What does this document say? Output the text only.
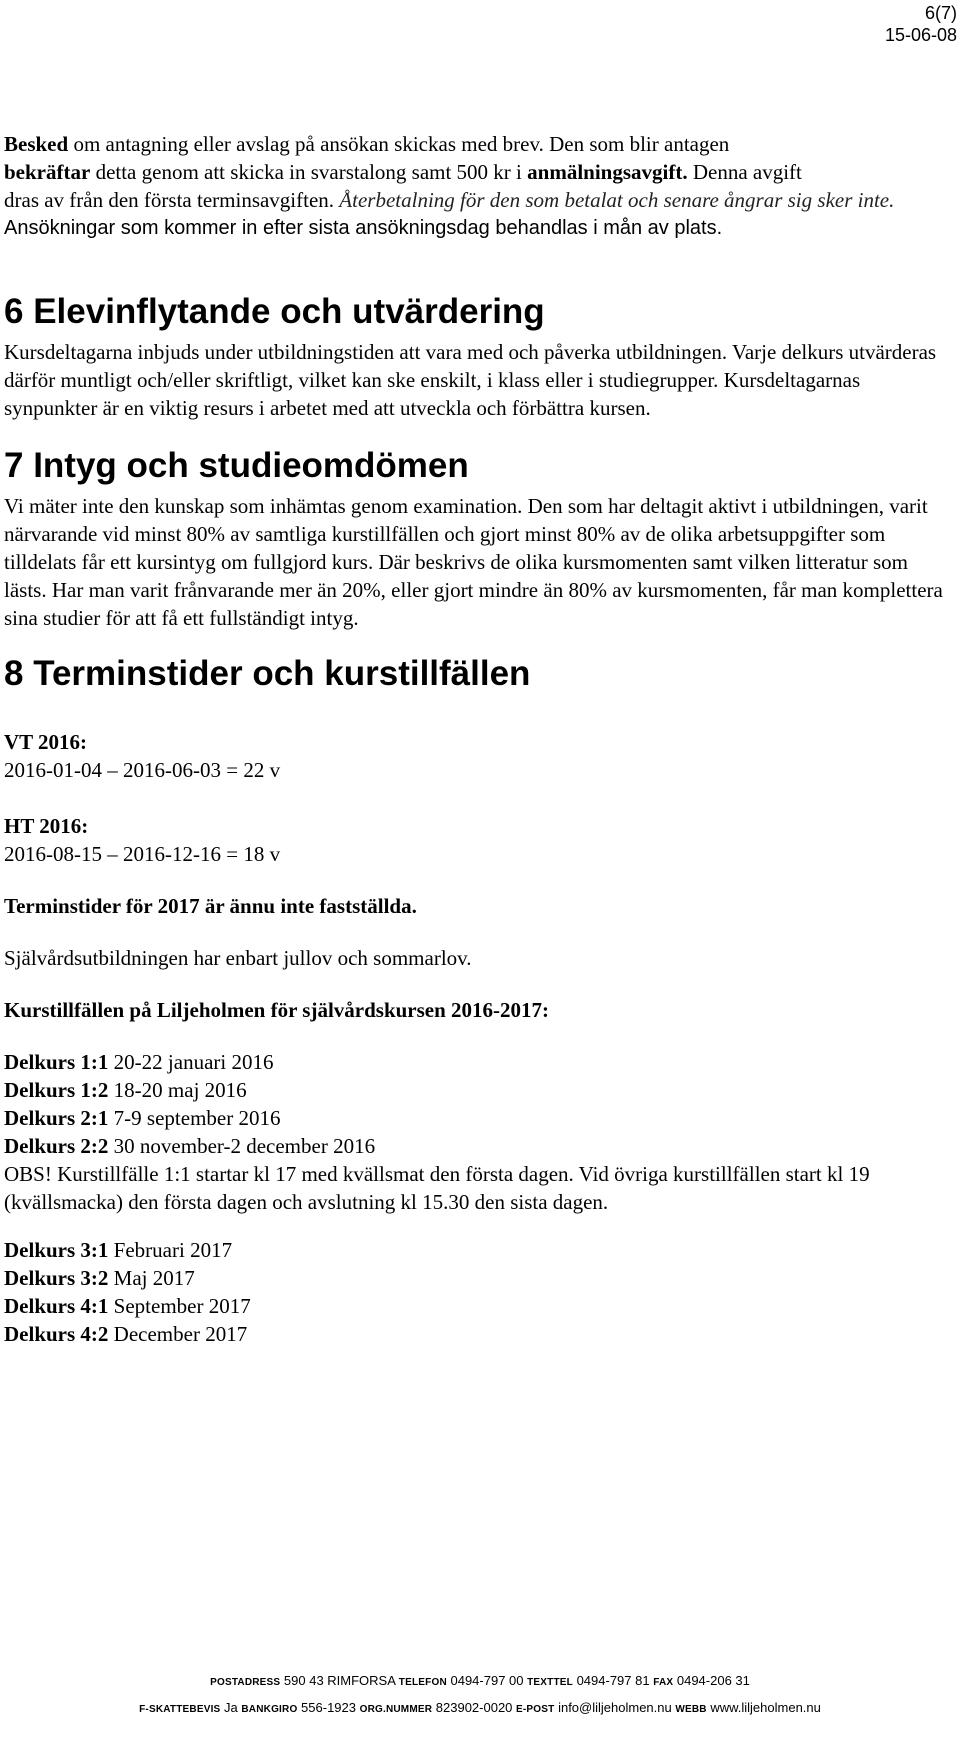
6(7)
15-06-08

Besked om antagning eller avslag på ansökan skickas med brev. Den som blir antagen
bekräftar detta genom att skicka in svarstalong samt 500 kr i anmälningsavgift. Denna avgift
dras av från den första terminsavgiften. Återbetalning för den som betalat och senare ångrar sig sker inte.

Ansökningar som kommer in efter sista ansökningsdag behandlas i mån av plats.

6 Elevinflytande och utvärdering

Kursdeltagarna inbjuds under utbildningstiden att vara med och påverka utbildningen. Varje delkurs utvärderas därför muntligt och/eller skriftligt, vilket kan ske enskilt, i klass eller i studiegrupper. Kursdeltagarnas synpunkter är en viktig resurs i arbetet med att utveckla och förbättra kursen.

7 Intyg och studieomdömen

Vi mäter inte den kunskap som inhämtas genom examination. Den som har deltagit aktivt i utbildningen, varit närvarande vid minst 80% av samtliga kurstillfällen och gjort minst 80% av de olika arbetsuppgifter som tilldelats får ett kursintyg om fullgjord kurs. Där beskrivs de olika kursmomenten samt vilken litteratur som lästs. Har man varit frånvarande mer än 20%, eller gjort mindre än 80% av kursmomenten, får man komplettera sina studier för att få ett fullständigt intyg.

8 Terminstider och kurstillfällen

VT 2016:

2016-01-04 – 2016-06-03 = 22 v

HT 2016:

2016-08-15 – 2016-12-16 = 18 v

Terminstider för 2017 är ännu inte fastställda.

Självårdsutbildningen har enbart jullov och sommarlov.

Kurstillfällen på Liljeholmen för självårdskursen 2016-2017:

Delkurs 1:1 20-22 januari 2016

Delkurs 1:2 18-20 maj 2016

Delkurs 2:1 7-9 september 2016

Delkurs 2:2 30 november-2 december 2016

OBS! Kurstillfälle 1:1 startar kl 17 med kvällsmat den första dagen. Vid övriga kurstillfällen start kl 19 (kvällsmacka) den första dagen och avslutning kl 15.30 den sista dagen.

Delkurs 3:1 Februari 2017

Delkurs 3:2 Maj 2017

Delkurs 4:1 September 2017

Delkurs 4:2 December 2017

POSTADRESS 590 43 RIMFORSA TELEFON 0494-797 00 TEXTTEL 0494-797 81 FAX 0494-206 31
F-SKATTEBEVIS Ja BANKGIRO 556-1923 ORG.NUMMER 823902-0020 E-POST info@liljeholmen.nu WEBB www.liljeholmen.nu
